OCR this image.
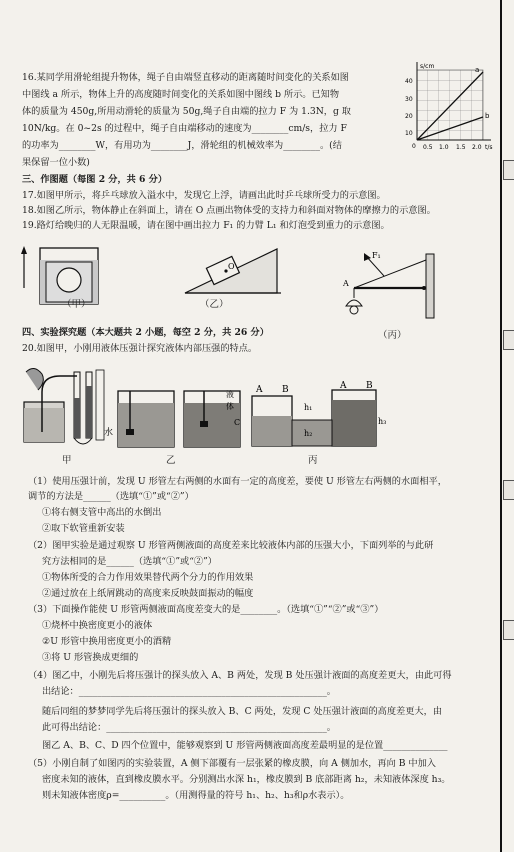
16.某同学用滑轮组提升物体，绳子自由端竖直移动的距离随时间变化的关系如图
中图线 a 所示，物体上升的高度随时间变化的关系如图中图线 b 所示。已知物
体的质量为 450g,所用动滑轮的质量为 50g,绳子自由端的拉力 F 为 1.3N，g 取
10N/kg。在 0~2s 的过程中，绳子自由端移动的速度为________cm/s，拉力 F
的功率为________W，有用功为________J，滑轮组的机械效率为________。(结
果保留一位小数)
s/cm
40
30
20
10
0 0.5 1.0 1.5 2.0 t/s
a
b
三、作图题（每图 2 分，共 6 分）
17.如图甲所示，将乒乓球放入溢水中，发现它上浮，请画出此时乒乓球所受力的示意图。
18.如图乙所示，物体静止在斜面上，请在 O 点画出物体受的支持力和斜面对物体的摩擦力的示意图。
19.路灯给晚归的人无限温暖，请在图中画出拉力 F₁ 的力臂 L₁ 和灯泡受到重力的示意图。
（甲）
O
（乙）
F₁
A
（丙）
四、实验探究题（本大题共 2 小题，每空 2 分，共 26 分）
20.如图甲，小刚用液体压强计探究液体内部压强的特点。
甲
水
液
体
C
乙
A B
h₁
h₂
h₃
A B
丙
（1）使用压强计前，发现 U 形管左右两侧的水面有一定的高度差，要使 U 形管左右两侧的水面相平，
调节的方法是______（选填“①”或“②”）
①将右侧支管中高出的水倒出
②取下软管重新安装
（2）图甲实验是通过观察 U 形管两侧液面的高度差来比较液体内部的压强大小，下面列举的与此研
究方法相同的是______（选填“①”或“②”）
①物体所受的合力作用效果替代两个分力的作用效果
②通过放在上纸屑跳动的高度来反映鼓面振动的幅度
（3）下面操作能使 U 形管两侧液面高度差变大的是________。（选填“①”“②”或“③”）
①烧杯中换密度更小的液体
②U 形管中换用密度更小的酒精
③将 U 形管换成更细的
（4）图乙中，小刚先后将压强计的探头放入 A、B 两处，发现 B 处压强计液面的高度差更大，由此可得
出结论：______________________________________________________。
随后同组的梦梦同学先后将压强计的探头放入 B、C 两处，发现 C 处压强计液面的高度差更大，由
此可得出结论：________________________________________________。
图乙 A、B、C、D 四个位置中，能够观察到 U 形管两侧液面高度差最明显的是位置______________
（5）小刚自制了如图丙的实验装置，A 侧下部覆有一层张紧的橡皮膜，向 A 侧加水，再向 B 中加入
密度未知的液体，直到橡皮膜水平。分别测出水深 h₁，橡皮膜到 B 底部距离 h₂，未知液体深度 h₃。
则未知液体密度ρ=__________。（用测得量的符号 h₁、h₂、h₃和ρ水表示）。
